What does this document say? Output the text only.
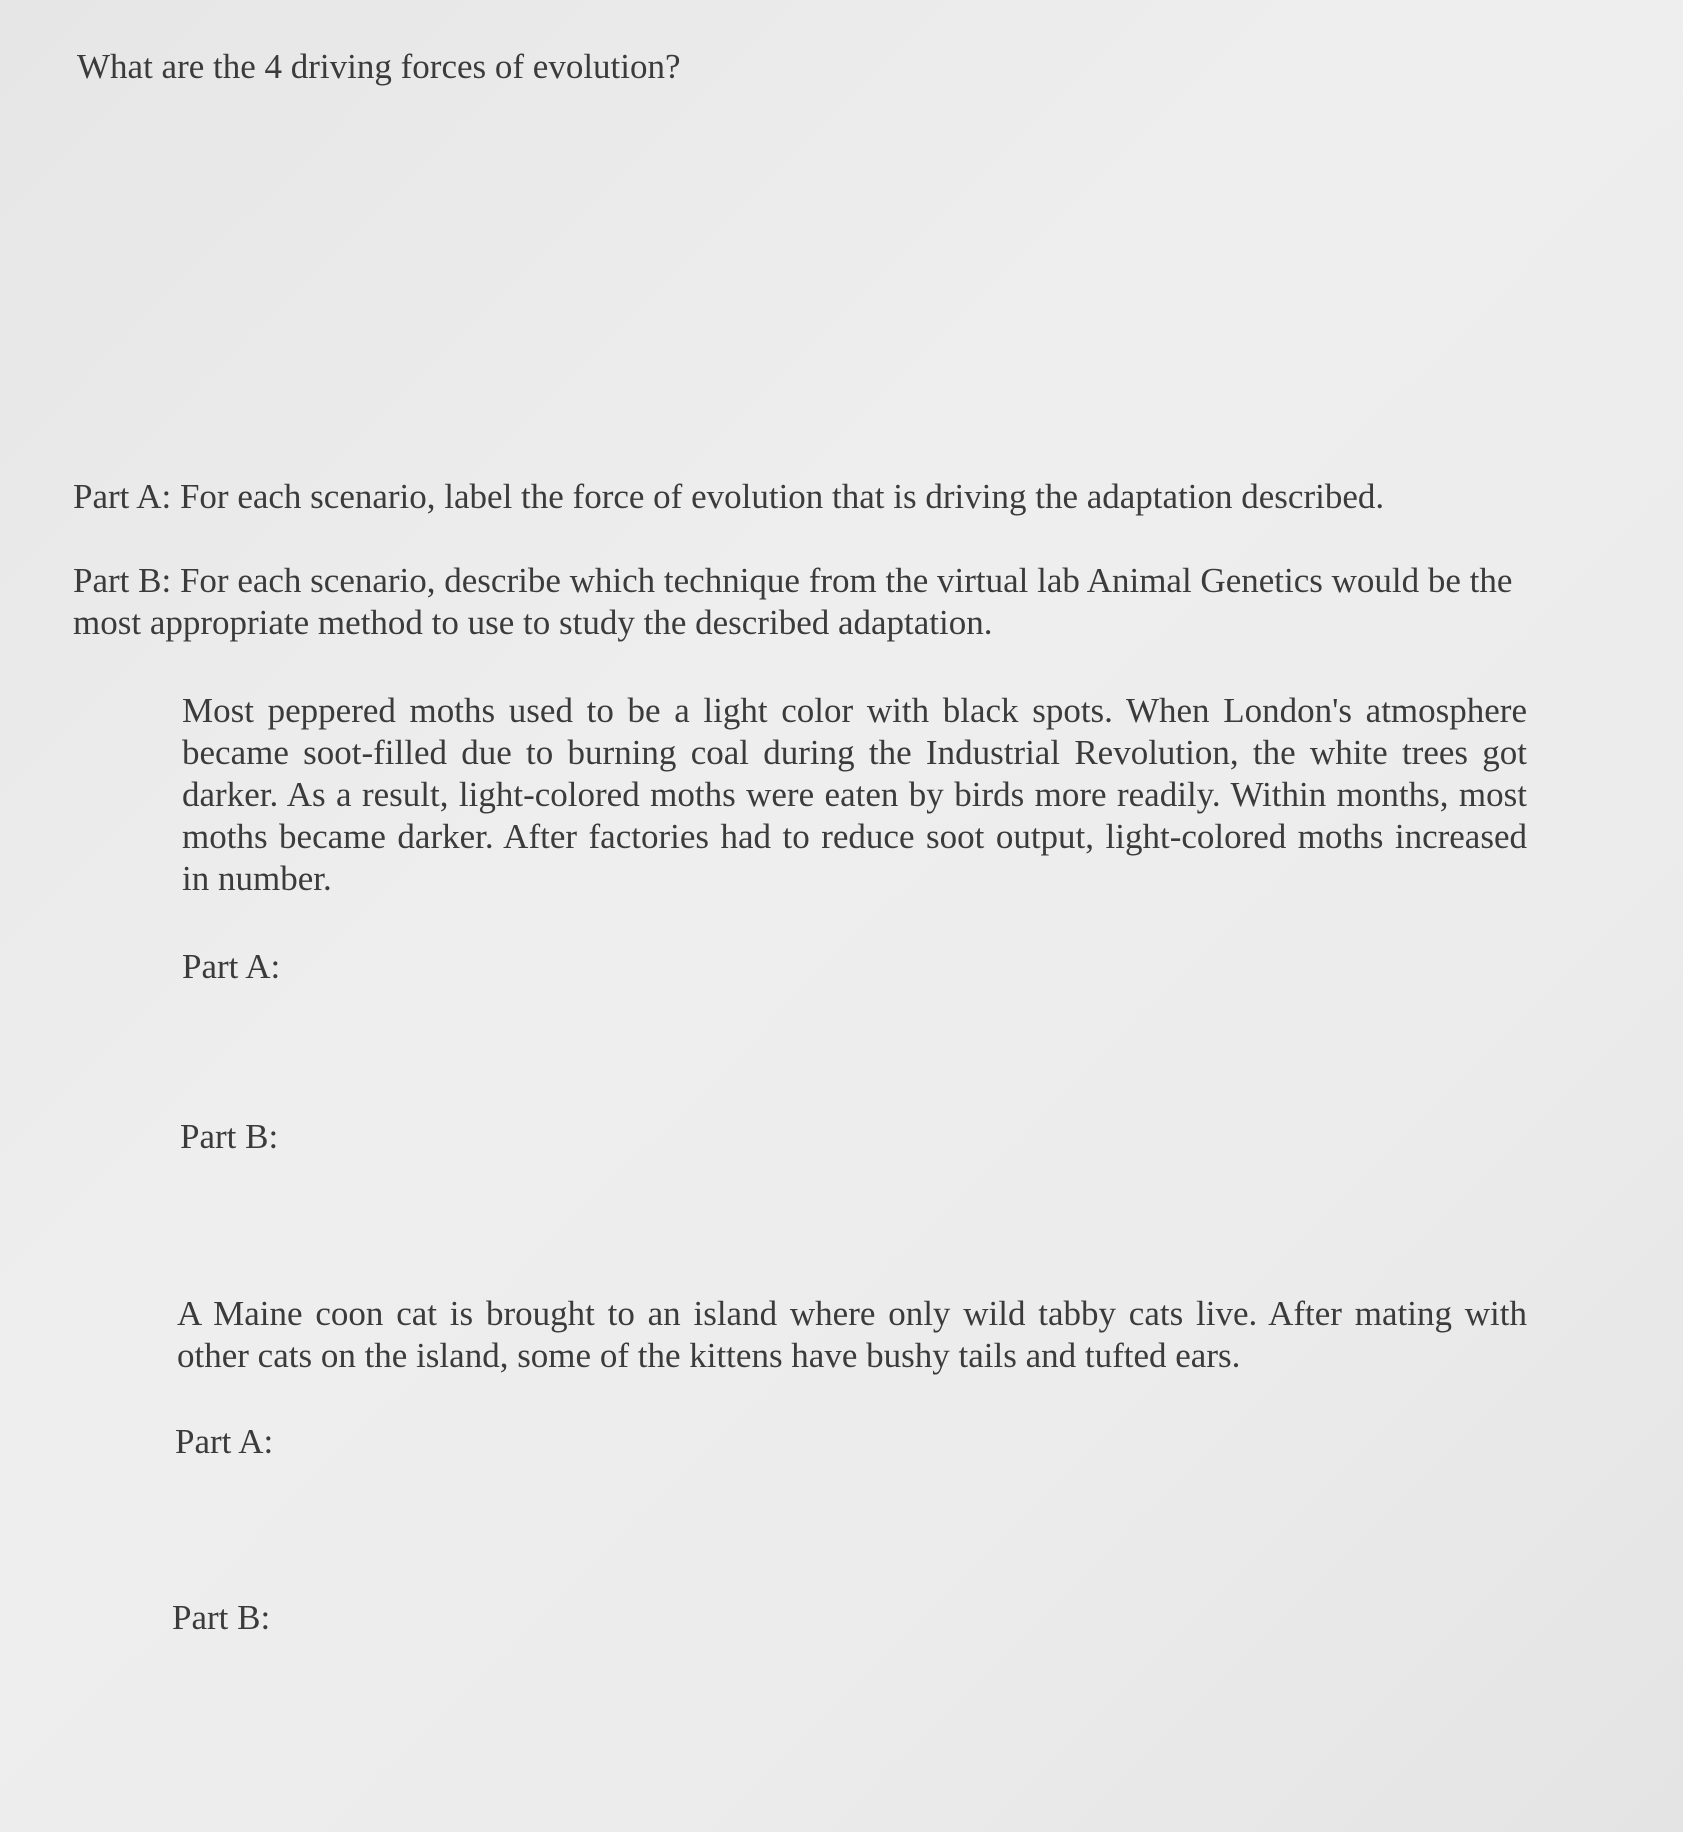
What are the 4 driving forces of evolution?

Part A: For each scenario, label the force of evolution that is driving the adaptation described.

Part B: For each scenario, describe which technique from the virtual lab Animal Genetics would be the most appropriate method to use to study the described adaptation.

Most peppered moths used to be a light color with black spots. When London's atmosphere became soot-filled due to burning coal during the Industrial Revolution, the white trees got darker. As a result, light-colored moths were eaten by birds more readily. Within months, most moths became darker. After factories had to reduce soot output, light-colored moths increased in number.

Part A:

Part B:

A Maine coon cat is brought to an island where only wild tabby cats live. After mating with other cats on the island, some of the kittens have bushy tails and tufted ears.

Part A:

Part B:
